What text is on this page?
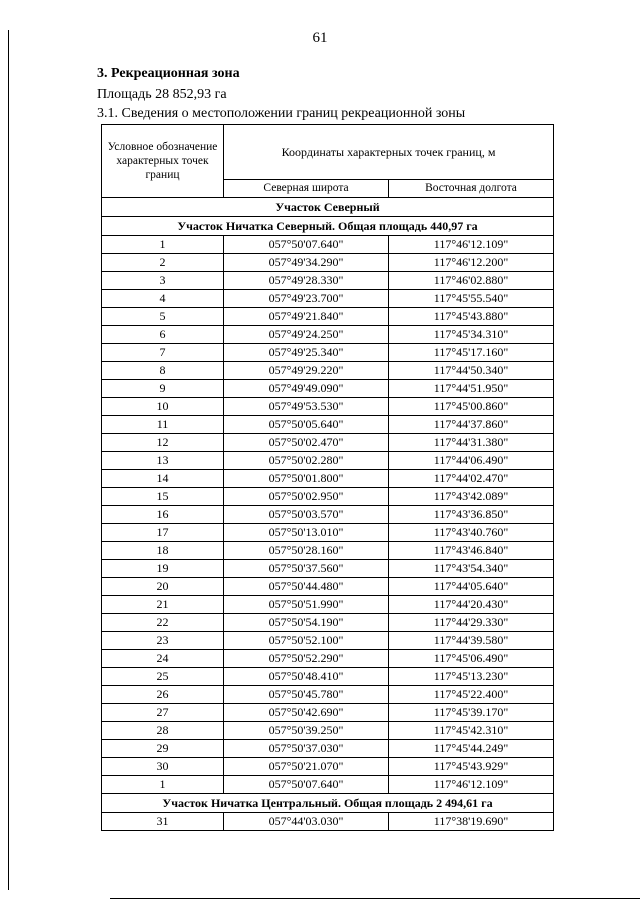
61
3. Рекреационная зона
Площадь 28 852,93 га
3.1. Сведения о местоположении границ рекреационной зоны
Условное обозначение характерных точек границ	Координаты характерных точек границ, м	
	Северная широта	Восточная долгота
Участок Северный		
Участок Ничатка Северный. Общая площадь 440,97 га		
1	057°50'07.640"	117°46'12.109"
2	057°49'34.290"	117°46'12.200"
3	057°49'28.330"	117°46'02.880"
4	057°49'23.700"	117°45'55.540"
5	057°49'21.840"	117°45'43.880"
6	057°49'24.250"	117°45'34.310"
7	057°49'25.340"	117°45'17.160"
8	057°49'29.220"	117°44'50.340"
9	057°49'49.090"	117°44'51.950"
10	057°49'53.530"	117°45'00.860"
11	057°50'05.640"	117°44'37.860"
12	057°50'02.470"	117°44'31.380"
13	057°50'02.280"	117°44'06.490"
14	057°50'01.800"	117°44'02.470"
15	057°50'02.950"	117°43'42.089"
16	057°50'03.570"	117°43'36.850"
17	057°50'13.010"	117°43'40.760"
18	057°50'28.160"	117°43'46.840"
19	057°50'37.560"	117°43'54.340"
20	057°50'44.480"	117°44'05.640"
21	057°50'51.990"	117°44'20.430"
22	057°50'54.190"	117°44'29.330"
23	057°50'52.100"	117°44'39.580"
24	057°50'52.290"	117°45'06.490"
25	057°50'48.410"	117°45'13.230"
26	057°50'45.780"	117°45'22.400"
27	057°50'42.690"	117°45'39.170"
28	057°50'39.250"	117°45'42.310"
29	057°50'37.030"	117°45'44.249"
30	057°50'21.070"	117°45'43.929"
1	057°50'07.640"	117°46'12.109"
Участок Ничатка Центральный. Общая площадь 2 494,61 га		
31	057°44'03.030"	117°38'19.690"
